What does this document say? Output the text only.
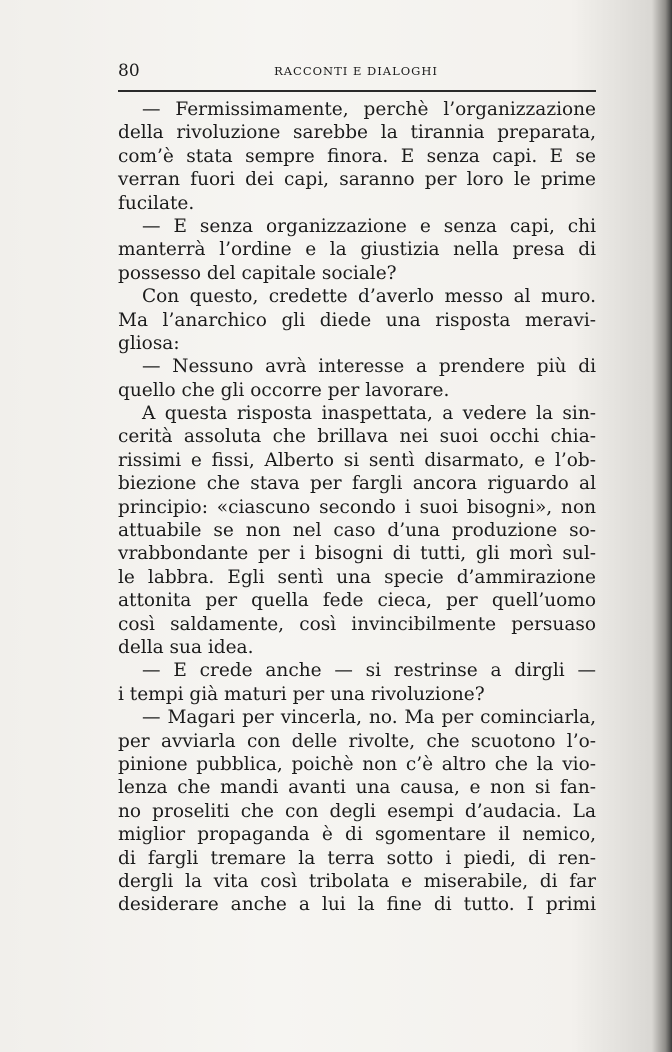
80	RACCONTI E DIALOGHI
— Fermissimamente, perchè l’organizzazione
della rivoluzione sarebbe la tirannia preparata,
com’è stata sempre finora. E senza capi. E se
verran fuori dei capi, saranno per loro le prime
fucilate.
— E senza organizzazione e senza capi, chi
manterrà l’ordine e la giustizia nella presa di
possesso del capitale sociale?
Con questo, credette d’averlo messo al muro.
Ma l’anarchico gli diede una risposta meravi-
gliosa:
— Nessuno avrà interesse a prendere più di
quello che gli occorre per lavorare.
A questa risposta inaspettata, a vedere la sin-
cerità assoluta che brillava nei suoi occhi chia-
rissimi e fissi, Alberto si sentì disarmato, e l’ob-
biezione che stava per fargli ancora riguardo al
principio: «ciascuno secondo i suoi bisogni», non
attuabile se non nel caso d’una produzione so-
vrabbondante per i bisogni di tutti, gli morì sul-
le labbra. Egli sentì una specie d’ammirazione
attonita per quella fede cieca, per quell’uomo
così saldamente, così invincibilmente persuaso
della sua idea.
— E crede anche — si restrinse a dirgli —
i tempi già maturi per una rivoluzione?
— Magari per vincerla, no. Ma per cominciarla,
per avviarla con delle rivolte, che scuotono l’o-
pinione pubblica, poichè non c’è altro che la vio-
lenza che mandi avanti una causa, e non si fan-
no proseliti che con degli esempi d’audacia. La
miglior propaganda è di sgomentare il nemico,
di fargli tremare la terra sotto i piedi, di ren-
dergli la vita così tribolata e miserabile, di far
desiderare anche a lui la fine di tutto. I primi
